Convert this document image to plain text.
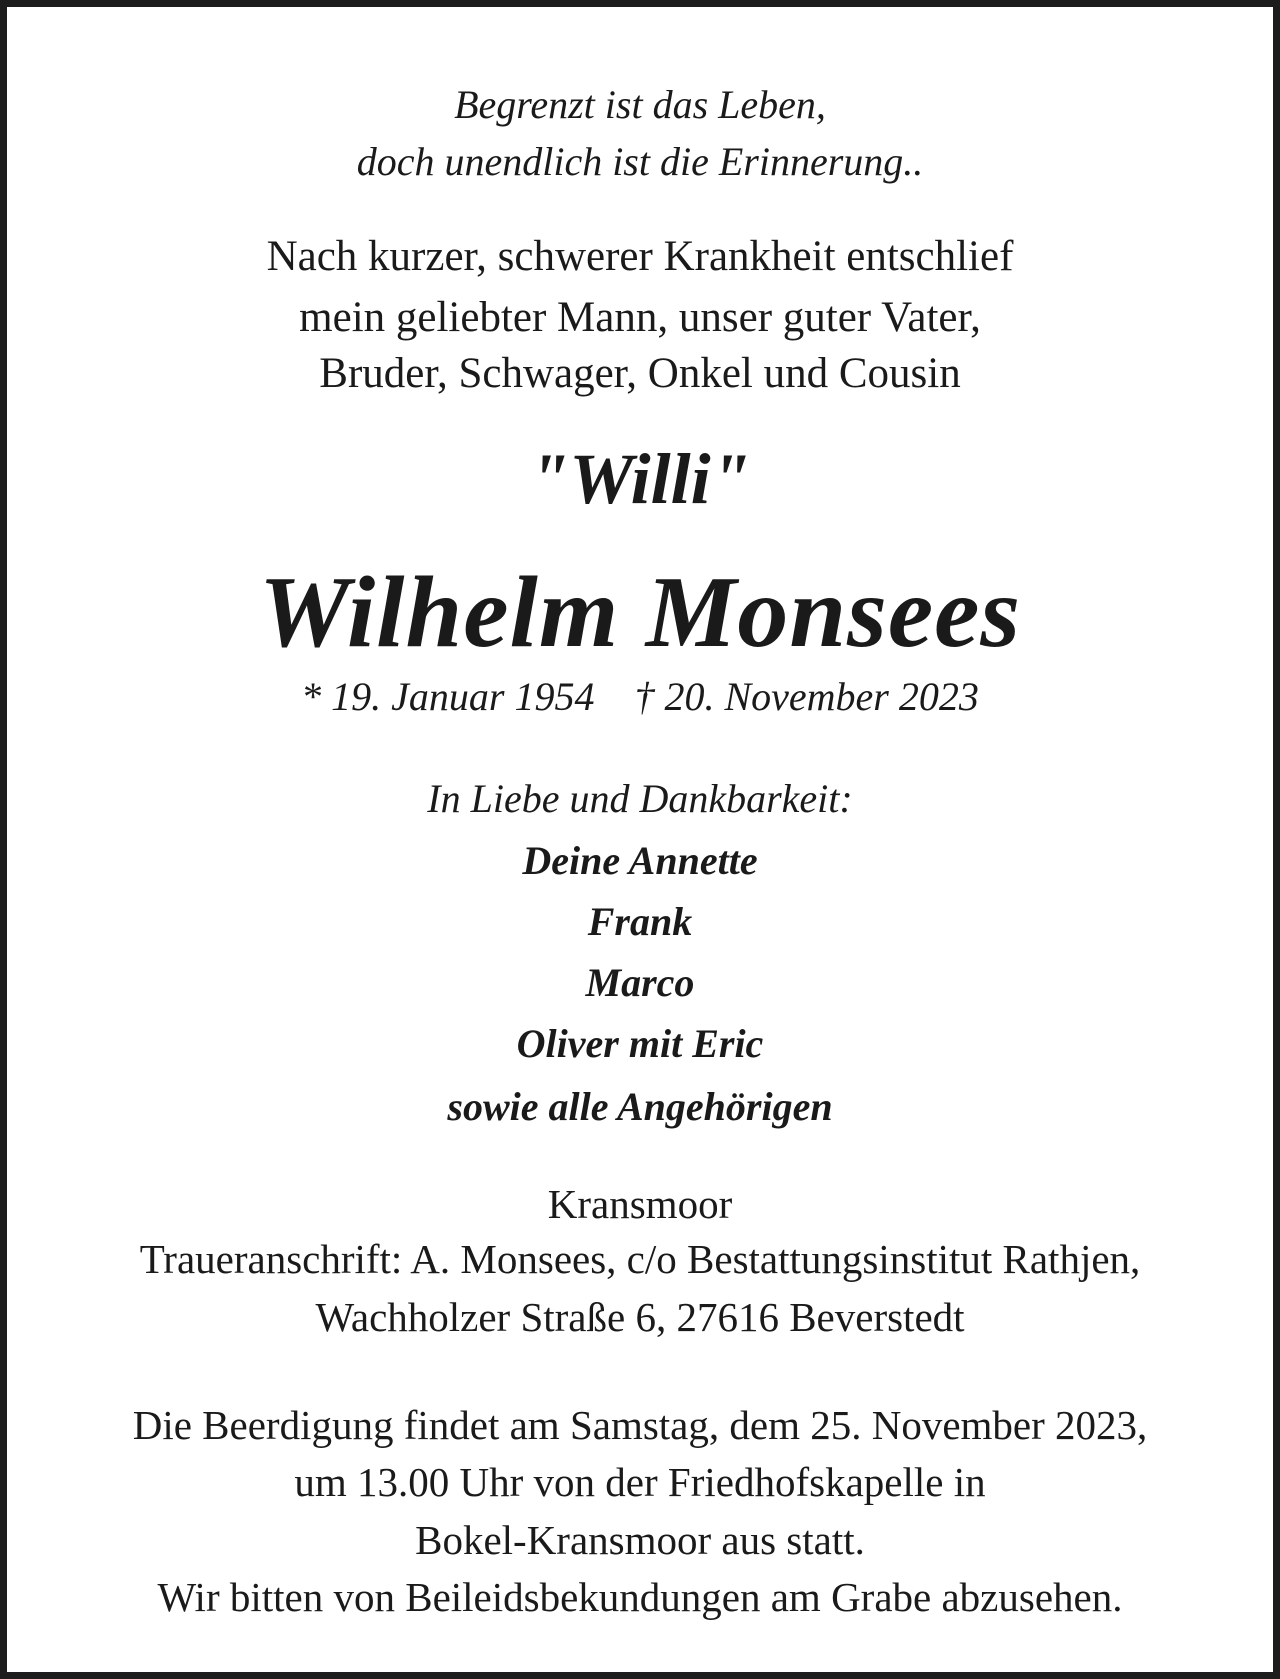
Begrenzt ist das Leben,
doch unendlich ist die Erinnerung..
Nach kurzer, schwerer Krankheit entschlief
mein geliebter Mann, unser guter Vater,
Bruder, Schwager, Onkel und Cousin
"Willi"
Wilhelm Monsees
* 19. Januar 1954 † 20. November 2023
In Liebe und Dankbarkeit:
Deine Annette
Frank
Marco
Oliver mit Eric
sowie alle Angehörigen
Kransmoor
Traueranschrift: A. Monsees, c/o Bestattungsinstitut Rathjen,
Wachholzer Straße 6, 27616 Beverstedt
Die Beerdigung findet am Samstag, dem 25. November 2023,
um 13.00 Uhr von der Friedhofskapelle in
Bokel-Kransmoor aus statt.
Wir bitten von Beileidsbekundungen am Grabe abzusehen.
